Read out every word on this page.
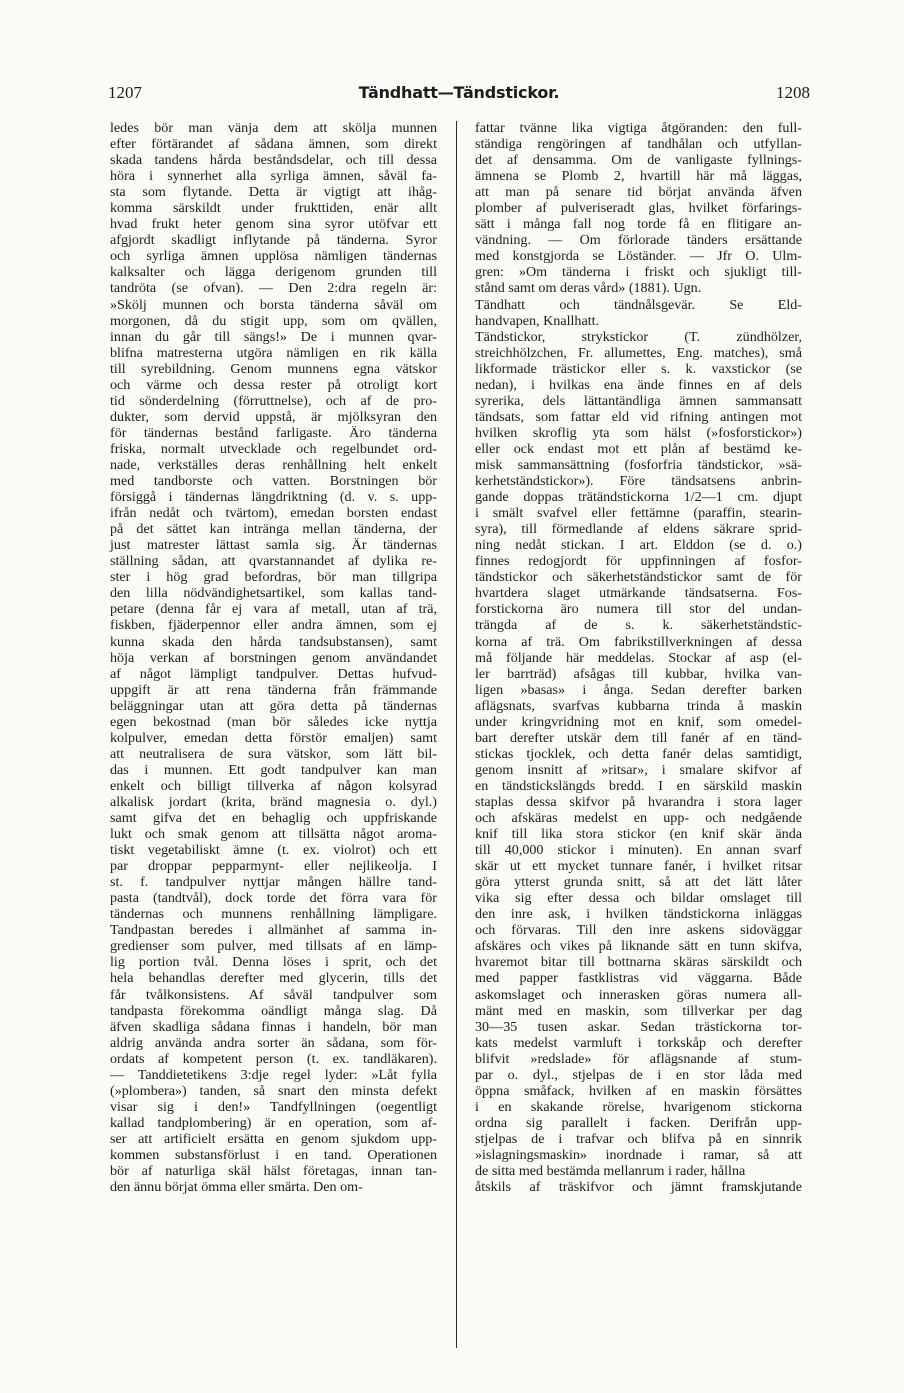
1207	Tändhatt—Tändstickor.	1208
ledes bör man vänja dem att skölja munnen
efter förtärandet af sådana ämnen, som direkt
skada tandens hårda beståndsdelar, och till dessa
höra i synnerhet alla syrliga ämnen, såväl fa-
sta som flytande. Detta är vigtigt att ihåg-
komma särskildt under frukttiden, enär allt
hvad frukt heter genom sina syror utöfvar ett
afgjordt skadligt inflytande på tänderna. Syror
och syrliga ämnen upplösa nämligen tändernas
kalksalter och lägga derigenom grunden till
tandröta (se ofvan). — Den 2:dra regeln är:
»Skölj munnen och borsta tänderna såväl om
morgonen, då du stigit upp, som om qvällen,
innan du går till sängs!» De i munnen qvar-
blifna matresterna utgöra nämligen en rik källa
till syrebildning. Genom munnens egna vätskor
och värme och dessa rester på otroligt kort
tid sönderdelning (förruttnelse), och af de pro-
dukter, som dervid uppstå, är mjölksyran den
för tändernas bestånd farligaste. Äro tänderna
friska, normalt utvecklade och regelbundet ord-
nade, verkställes deras renhållning helt enkelt
med tandborste och vatten. Borstningen bör
försiggå i tändernas längdriktning (d. v. s. upp-
ifrån nedåt och tvärtom), emedan borsten endast
på det sättet kan intränga mellan tänderna, der
just matrester lättast samla sig. Är tändernas
ställning sådan, att qvarstannandet af dylika re-
ster i hög grad befordras, bör man tillgripa
den lilla nödvändighetsartikel, som kallas tand-
petare (denna får ej vara af metall, utan af trä,
fiskben, fjäderpennor eller andra ämnen, som ej
kunna skada den hårda tandsubstansen), samt
höja verkan af borstningen genom användandet
af något lämpligt tandpulver. Dettas hufvud-
uppgift är att rena tänderna från främmande
beläggningar utan att göra detta på tändernas
egen bekostnad (man bör således icke nyttja
kolpulver, emedan detta förstör emaljen) samt
att neutralisera de sura vätskor, som lätt bil-
das i munnen. Ett godt tandpulver kan man
enkelt och billigt tillverka af någon kolsyrad
alkalisk jordart (krita, bränd magnesia o. dyl.)
samt gifva det en behaglig och uppfriskande
lukt och smak genom att tillsätta något aroma-
tiskt vegetabiliskt ämne (t. ex. violrot) och ett
par droppar pepparmynt- eller nejlikeolja. I
st. f. tandpulver nyttjar mången hällre tand-
pasta (tandtvål), dock torde det förra vara för
tändernas och munnens renhållning lämpligare.
Tandpastan beredes i allmänhet af samma in-
gredienser som pulver, med tillsats af en lämp-
lig portion tvål. Denna löses i sprit, och det
hela behandlas derefter med glycerin, tills det
får tvålkonsistens. Af såväl tandpulver som
tandpasta förekomma oändligt många slag. Då
äfven skadliga sådana finnas i handeln, bör man
aldrig använda andra sorter än sådana, som för-
ordats af kompetent person (t. ex. tandläkaren).
— Tanddietetikens 3:dje regel lyder: »Låt fylla
(»plombera») tanden, så snart den minsta defekt
visar sig i den!» Tandfyllningen (oegentligt
kallad tandplombering) är en operation, som af-
ser att artificielt ersätta en genom sjukdom upp-
kommen substansförlust i en tand. Operationen
bör af naturliga skäl hälst företagas, innan tan-
den ännu börjat ömma eller smärta. Den om-
fattar tvänne lika vigtiga åtgöranden: den full-
ständiga rengöringen af tandhålan och utfyllan-
det af densamma. Om de vanligaste fyllnings-
ämnena se Plomb 2, hvartill här må läggas,
att man på senare tid börjat använda äfven
plomber af pulveriseradt glas, hvilket förfarings-
sätt i många fall nog torde få en flitigare an-
vändning. — Om förlorade tänders ersättande
med konstgjorda se Löständer. — Jfr O. Ulm-
gren: »Om tänderna i friskt och sjukligt till-
stånd samt om deras vård» (1881). Ugn.
Tändhatt och tändnålsgevär. Se Eld-
handvapen, Knallhatt.
Tändstickor, strykstickor (T. zündhölzer,
streichhölzchen, Fr. allumettes, Eng. matches), små
likformade trästickor eller s. k. vaxstickor (se
nedan), i hvilkas ena ände finnes en af dels
syrerika, dels lättantändliga ämnen sammansatt
tändsats, som fattar eld vid rifning antingen mot
hvilken skroflig yta som hälst (»fosforstickor»)
eller ock endast mot ett plån af bestämd ke-
misk sammansättning (fosforfria tändstickor, »sä-
kerhetständstickor»). Före tändsatsens anbrin-
gande doppas trätändstickorna 1/2—1 cm. djupt
i smält svafvel eller fettämne (paraffin, stearin-
syra), till förmedlande af eldens säkrare sprid-
ning nedåt stickan. I art. Elddon (se d. o.)
finnes redogjordt för uppfinningen af fosfor-
tändstickor och säkerhetständstickor samt de för
hvartdera slaget utmärkande tändsatserna. Fos-
forstickorna äro numera till stor del undan-
trängda af de s. k. säkerhetständstic-
korna af trä. Om fabrikstillverkningen af dessa
må följande här meddelas. Stockar af asp (el-
ler barrträd) afsågas till kubbar, hvilka van-
ligen »basas» i ånga. Sedan derefter barken
aflägsnats, svarfvas kubbarna trinda å maskin
under kringvridning mot en knif, som omedel-
bart derefter utskär dem till fanér af en tänd-
stickas tjocklek, och detta fanér delas samtidigt,
genom insnitt af »ritsar», i smalare skifvor af
en tändstickslängds bredd. I en särskild maskin
staplas dessa skifvor på hvarandra i stora lager
och afskäras medelst en upp- och nedgående
knif till lika stora stickor (en knif skär ända
till 40,000 stickor i minuten). En annan svarf
skär ut ett mycket tunnare fanér, i hvilket ritsar
göra ytterst grunda snitt, så att det lätt låter
vika sig efter dessa och bildar omslaget till
den inre ask, i hvilken tändstickorna inläggas
och förvaras. Till den inre askens sidoväggar
afskäres och vikes på liknande sätt en tunn skifva,
hvaremot bitar till bottnarna skäras särskildt och
med papper fastklistras vid väggarna. Både
askomslaget och innerasken göras numera all-
mänt med en maskin, som tillverkar per dag
30—35 tusen askar. Sedan trästickorna tor-
kats medelst varmluft i torkskåp och derefter
blifvit »redslade» för aflägsnande af stum-
par o. dyl., stjelpas de i en stor låda med
öppna småfack, hvilken af en maskin försättes
i en skakande rörelse, hvarigenom stickorna
ordna sig parallelt i facken. Derifrån upp-
stjelpas de i trafvar och blifva på en sinnrik
»islagningsmaskin» inordnade i ramar, så att
de sitta med bestämda mellanrum i rader, hållna
åtskils af träskifvor och jämnt framskjutande
